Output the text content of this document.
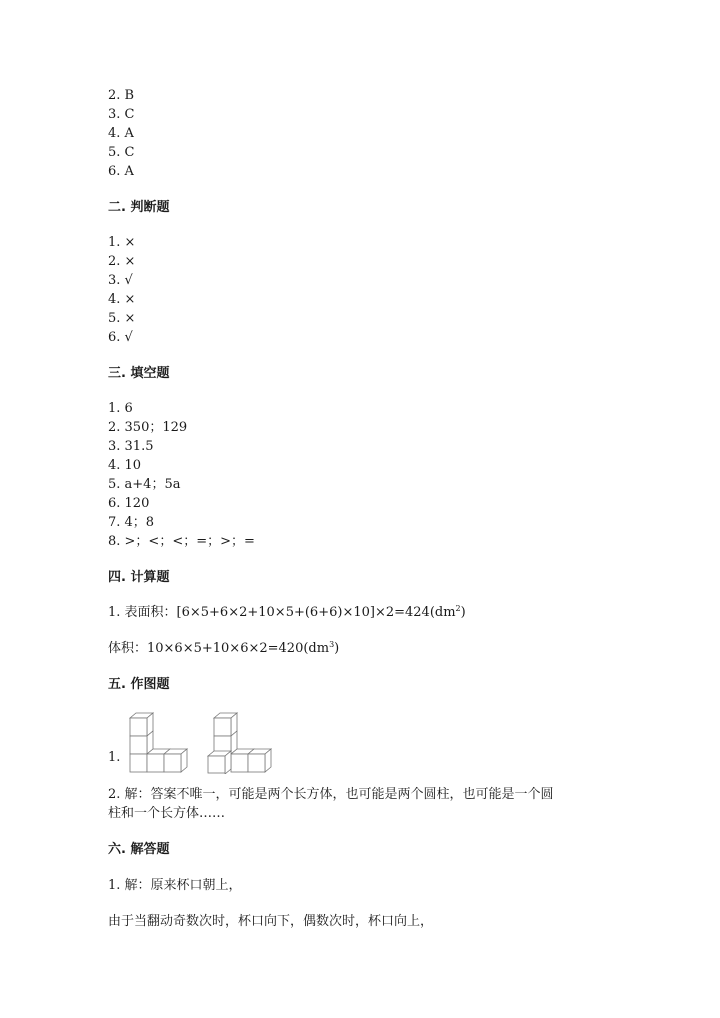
2. B
3. C
4. A
5. C
6. A
二. 判断题
1. ×
2. ×
3. √
4. ×
5. ×
6. √
三. 填空题
1. 6
2. 350；129
3. 31.5
4. 10
5. a+4；5a
6. 120
7. 4；8
8. >；<；<；=；>；=
四. 计算题
1. 表面积：$[6\times 5+6\times 2+10\times 5+(6+6)\times 10]\times 2=424(dm^2)$
体积：$10\times 6\times 5+10\times 6\times 2=420(dm^3)$
五. 作图题
1.
2. 解：答案不唯一，可能是两个长方体，也可能是两个圆柱，也可能是一个圆
柱和一个长方体……
六. 解答题
1. 解：原来杯口朝上，
由于当翻动奇数次时，杯口向下，偶数次时，杯口向上，
